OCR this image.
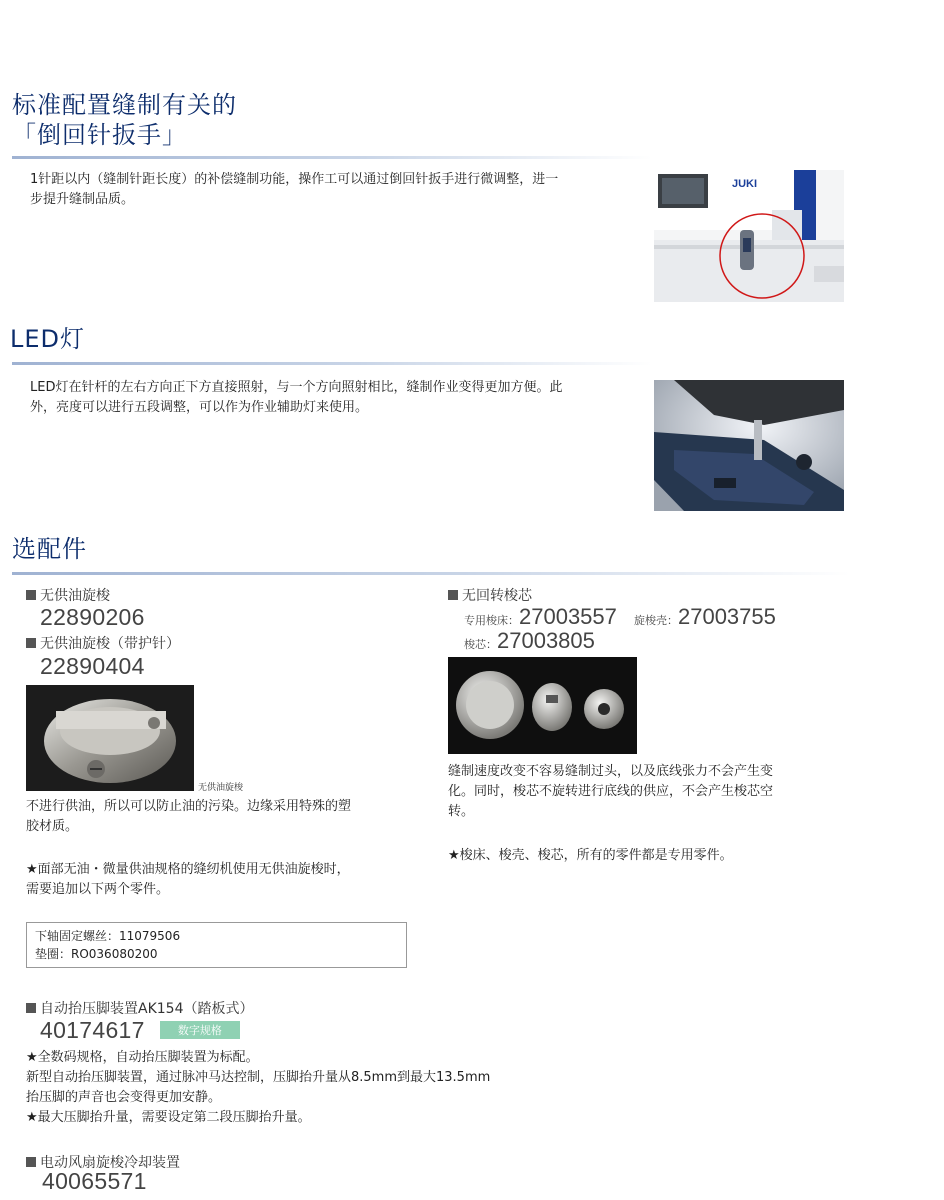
标准配置缝制有关的
「倒回针扳手」
1针距以内（缝制针距长度）的补偿缝制功能，操作工可以通过倒回针扳手进行微调整，进一
步提升缝制品质。
JUKI
LED灯
LED灯在针杆的左右方向正下方直接照射，与一个方向照射相比，缝制作业变得更加方便。此
外，亮度可以进行五段调整，可以作为作业辅助灯来使用。
选配件
无供油旋梭
22890206
无供油旋梭（带护针）
22890404
无供油旋梭
不进行供油，所以可以防止油的污染。边缘采用特殊的塑
胶材质。
★面部无油・微量供油规格的缝纫机使用无供油旋梭时，
需要追加以下两个零件。
下轴固定螺丝：11079506
垫圈：RO036080200
无回转梭芯
专用梭床：27003557 旋梭壳：27003755
梭芯：27003805
缝制速度改变不容易缝制过头，以及底线张力不会产生变
化。同时，梭芯不旋转进行底线的供应，不会产生梭芯空
转。
★梭床、梭壳、梭芯，所有的零件都是专用零件。
自动抬压脚装置AK154（踏板式）
40174617	数字规格
★全数码规格，自动抬压脚装置为标配。
新型自动抬压脚装置，通过脉冲马达控制，压脚抬升量从8.5mm到最大13.5mm
抬压脚的声音也会变得更加安静。
★最大压脚抬升量，需要设定第二段压脚抬升量。
电动风扇旋梭冷却装置
40065571
